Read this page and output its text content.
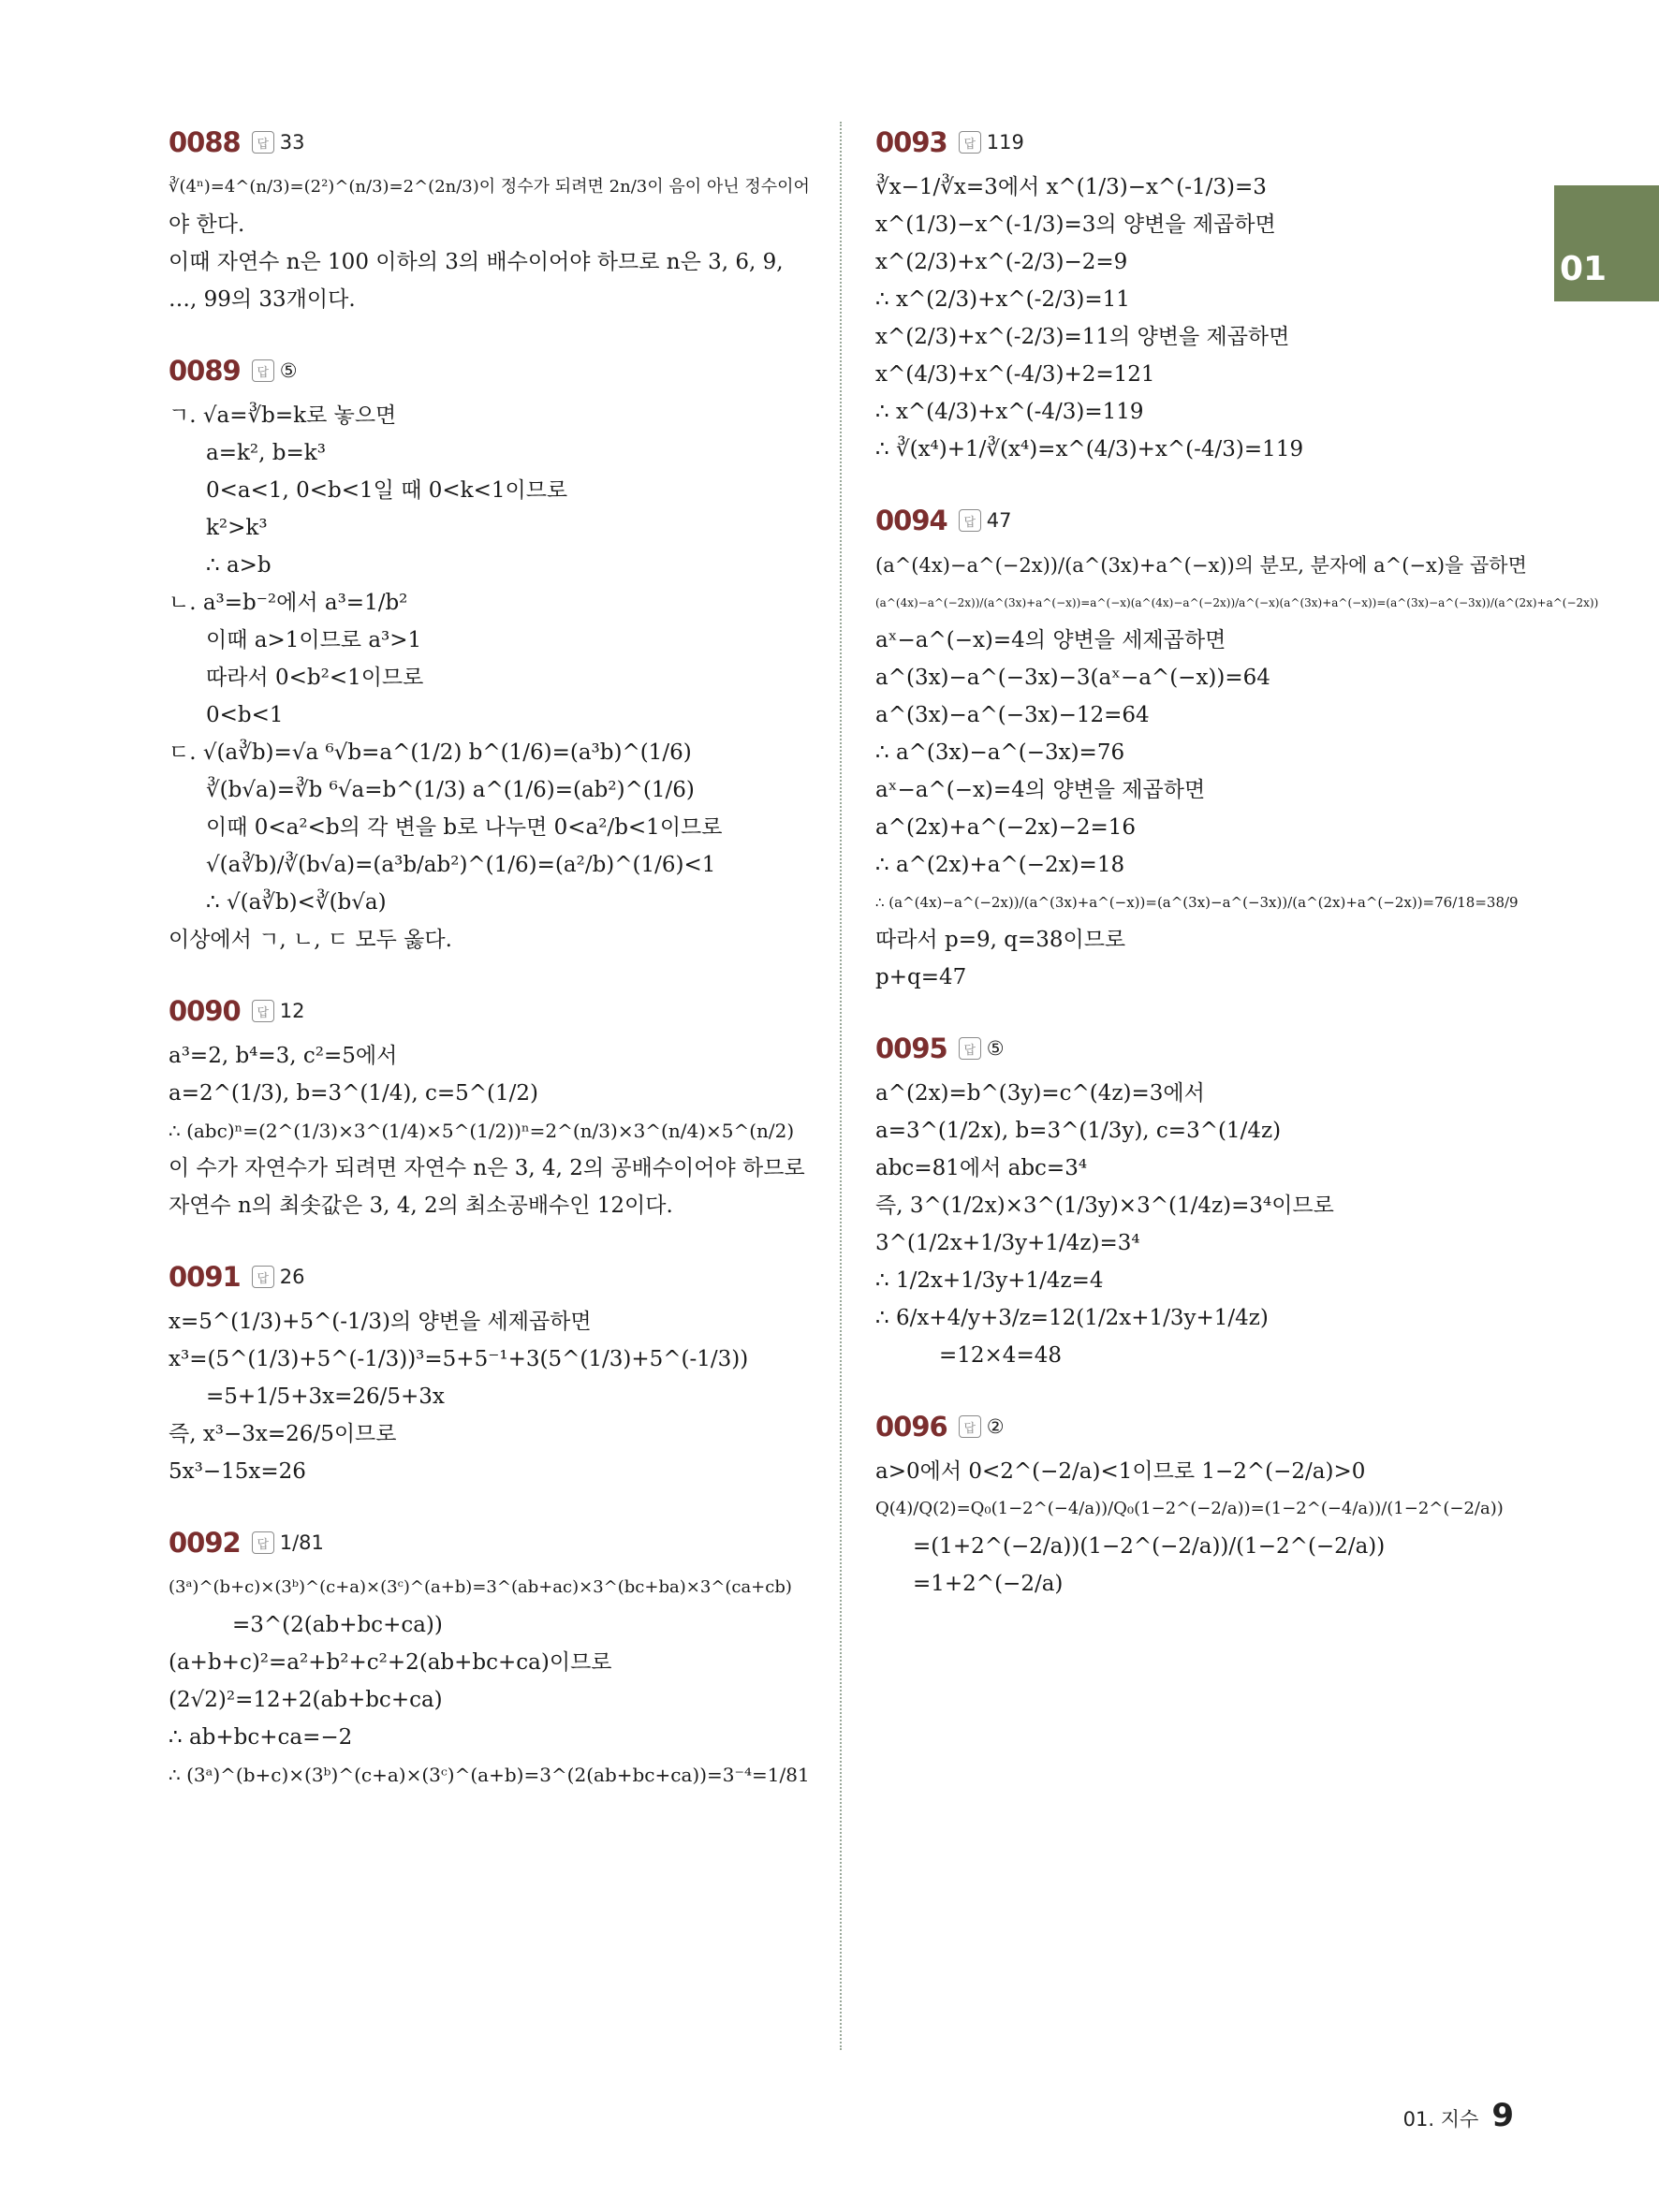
01
0088	답 33
∛(4ⁿ)=4^(n/3)=(2²)^(n/3)=2^(2n/3)이 정수가 되려면 2n/3이 음이 아닌 정수이어
야 한다.
이때 자연수 n은 100 이하의 3의 배수이어야 하므로 n은 3, 6, 9,
…, 99의 33개이다.
0089	답 ⑤
ㄱ. √a=∛b=k로 놓으면
a=k², b=k³
0<a<1, 0<b<1일 때 0<k<1이므로
k²>k³
∴ a>b
ㄴ. a³=b⁻²에서 a³=1/b²
이때 a>1이므로 a³>1
따라서 0<b²<1이므로
0<b<1
ㄷ. √(a∛b)=√a ⁶√b=a^(1/2) b^(1/6)=(a³b)^(1/6)
∛(b√a)=∛b ⁶√a=b^(1/3) a^(1/6)=(ab²)^(1/6)
이때 0<a²<b의 각 변을 b로 나누면 0<a²/b<1이므로
√(a∛b)/∛(b√a)=(a³b/ab²)^(1/6)=(a²/b)^(1/6)<1
∴ √(a∛b)<∛(b√a)
이상에서 ㄱ, ㄴ, ㄷ 모두 옳다.
0090	답 12
a³=2, b⁴=3, c²=5에서
a=2^(1/3), b=3^(1/4), c=5^(1/2)
∴ (abc)ⁿ=(2^(1/3)×3^(1/4)×5^(1/2))ⁿ=2^(n/3)×3^(n/4)×5^(n/2)
이 수가 자연수가 되려면 자연수 n은 3, 4, 2의 공배수이어야 하므로
자연수 n의 최솟값은 3, 4, 2의 최소공배수인 12이다.
0091	답 26
x=5^(1/3)+5^(-1/3)의 양변을 세제곱하면
x³=(5^(1/3)+5^(-1/3))³=5+5⁻¹+3(5^(1/3)+5^(-1/3))
=5+1/5+3x=26/5+3x
즉, x³−3x=26/5이므로
5x³−15x=26
0092	답 1/81
(3ᵃ)^(b+c)×(3ᵇ)^(c+a)×(3ᶜ)^(a+b)=3^(ab+ac)×3^(bc+ba)×3^(ca+cb)
=3^(2(ab+bc+ca))
(a+b+c)²=a²+b²+c²+2(ab+bc+ca)이므로
(2√2)²=12+2(ab+bc+ca)
∴ ab+bc+ca=−2
∴ (3ᵃ)^(b+c)×(3ᵇ)^(c+a)×(3ᶜ)^(a+b)=3^(2(ab+bc+ca))=3⁻⁴=1/81
0093	답 119
∛x−1/∛x=3에서 x^(1/3)−x^(-1/3)=3
x^(1/3)−x^(-1/3)=3의 양변을 제곱하면
x^(2/3)+x^(-2/3)−2=9
∴ x^(2/3)+x^(-2/3)=11
x^(2/3)+x^(-2/3)=11의 양변을 제곱하면
x^(4/3)+x^(-4/3)+2=121
∴ x^(4/3)+x^(-4/3)=119
∴ ∛(x⁴)+1/∛(x⁴)=x^(4/3)+x^(-4/3)=119
0094	답 47
(a^(4x)−a^(−2x))/(a^(3x)+a^(−x))의 분모, 분자에 a^(−x)을 곱하면
(a^(4x)−a^(−2x))/(a^(3x)+a^(−x))=a^(−x)(a^(4x)−a^(−2x))/a^(−x)(a^(3x)+a^(−x))=(a^(3x)−a^(−3x))/(a^(2x)+a^(−2x))
aˣ−a^(−x)=4의 양변을 세제곱하면
a^(3x)−a^(−3x)−3(aˣ−a^(−x))=64
a^(3x)−a^(−3x)−12=64
∴ a^(3x)−a^(−3x)=76
aˣ−a^(−x)=4의 양변을 제곱하면
a^(2x)+a^(−2x)−2=16
∴ a^(2x)+a^(−2x)=18
∴ (a^(4x)−a^(−2x))/(a^(3x)+a^(−x))=(a^(3x)−a^(−3x))/(a^(2x)+a^(−2x))=76/18=38/9
따라서 p=9, q=38이므로
p+q=47
0095	답 ⑤
a^(2x)=b^(3y)=c^(4z)=3에서
a=3^(1/2x), b=3^(1/3y), c=3^(1/4z)
abc=81에서 abc=3⁴
즉, 3^(1/2x)×3^(1/3y)×3^(1/4z)=3⁴이므로
3^(1/2x+1/3y+1/4z)=3⁴
∴ 1/2x+1/3y+1/4z=4
∴ 6/x+4/y+3/z=12(1/2x+1/3y+1/4z)
=12×4=48
0096	답 ②
a>0에서 0<2^(−2/a)<1이므로 1−2^(−2/a)>0
Q(4)/Q(2)=Q₀(1−2^(−4/a))/Q₀(1−2^(−2/a))=(1−2^(−4/a))/(1−2^(−2/a))
=(1+2^(−2/a))(1−2^(−2/a))/(1−2^(−2/a))
=1+2^(−2/a)
01. 지수 9
